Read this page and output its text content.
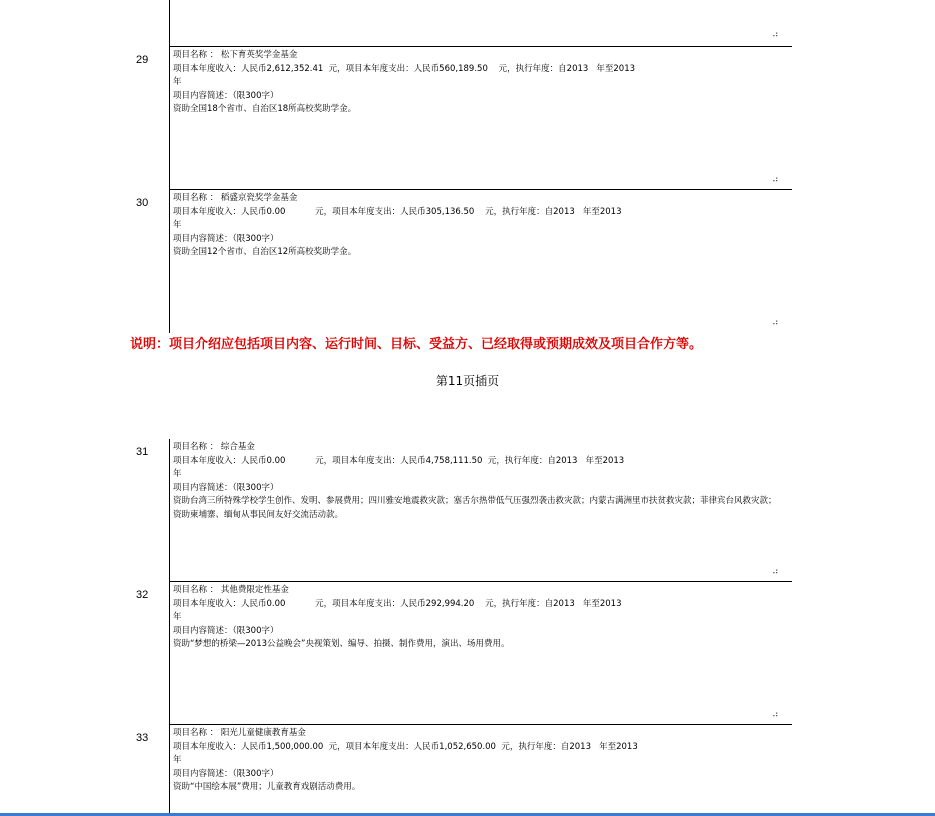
⠴
29	项目名称 ： 松下育英奖学金基金
项目本年度收入：人民币2,612,352.41  元，项目本年度支出：人民币560,189.50    元，执行年度：自2013   年至2013
年
项目内容简述：（限300字）
资助全国18个省市、自治区18所高校奖助学金。
⠴
30	项目名称 ： 稻盛京瓷奖学金基金
项目本年度收入：人民币0.00           元，项目本年度支出：人民币305,136.50    元，执行年度：自2013   年至2013
年
项目内容简述：（限300字）
资助全国12个省市、自治区12所高校奖助学金。
⠴
说明：项目介绍应包括项目内容、运行时间、目标、受益方、已经取得或预期成效及项目合作方等。
第11页插页
31	项目名称 ： 综合基金
项目本年度收入：人民币0.00           元，项目本年度支出：人民币4,758,111.50  元，执行年度：自2013   年至2013
年
项目内容简述：（限300字）
资助台湾三所特殊学校学生创作、发明、参展费用；四川雅安地震救灾款；塞舌尔热带低气压强烈袭击救灾款；内蒙古满洲里市扶贫救灾款；菲律宾台风救灾款；资助柬埔寨、缅甸从事民间友好交流活动款。
⠴
32	项目名称 ： 其他费限定性基金
项目本年度收入：人民币0.00           元，项目本年度支出：人民币292,994.20    元，执行年度：自2013   年至2013
年
项目内容简述：（限300字）
资助“梦想的桥梁—2013公益晚会”央视策划、编导、拍摄、制作费用，演出、场用费用。
⠴
33	项目名称 ： 阳光儿童健康教育基金
项目本年度收入：人民币1,500,000.00  元，项目本年度支出：人民币1,052,650.00  元，执行年度：自2013   年至2013
年
项目内容简述：（限300字）
资助“中国绘本展”费用；儿童教育戏剧活动费用。
